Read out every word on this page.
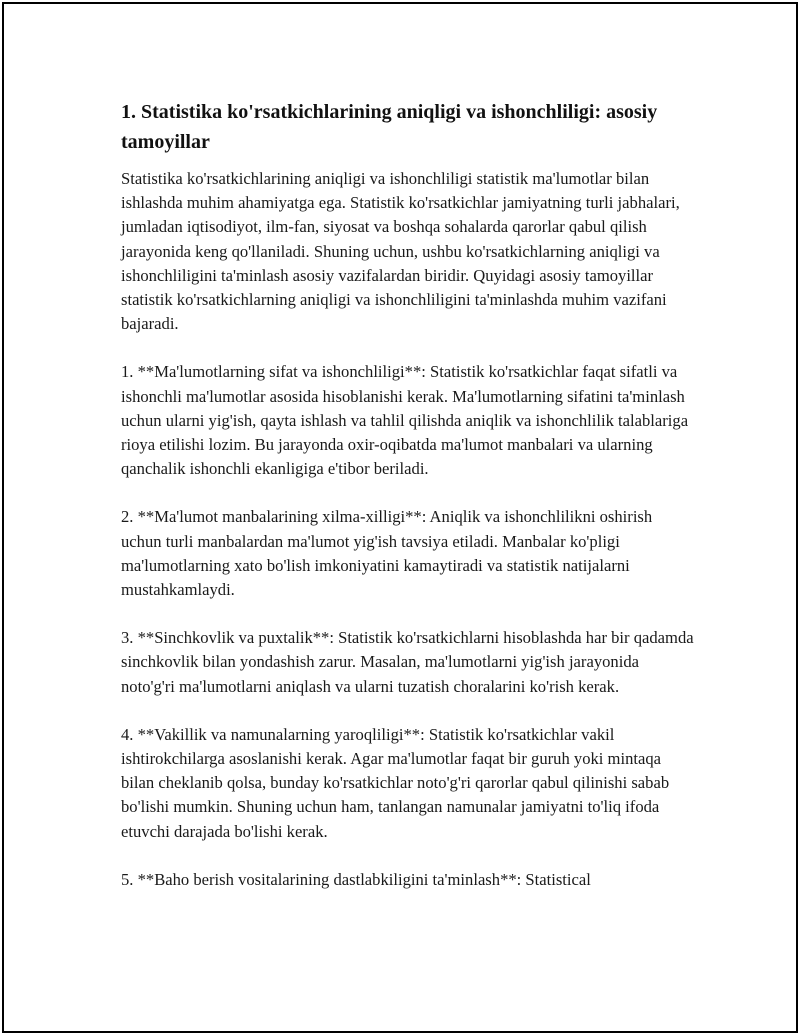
1. Statistika ko'rsatkichlarining aniqligi va ishonchliligi: asosiy tamoyillar

Statistika ko'rsatkichlarining aniqligi va ishonchliligi statistik ma'lumotlar bilan ishlashda muhim ahamiyatga ega. Statistik ko'rsatkichlar jamiyatning turli jabhalari, jumladan iqtisodiyot, ilm-fan, siyosat va boshqa sohalarda qarorlar qabul qilish jarayonida keng qo'llaniladi. Shuning uchun, ushbu ko'rsatkichlarning aniqligi va ishonchliligini ta'minlash asosiy vazifalardan biridir. Quyidagi asosiy tamoyillar statistik ko'rsatkichlarning aniqligi va ishonchliligini ta'minlashda muhim vazifani bajaradi.

1. **Ma'lumotlarning sifat va ishonchliligi**: Statistik ko'rsatkichlar faqat sifatli va ishonchli ma'lumotlar asosida hisoblanishi kerak. Ma'lumotlarning sifatini ta'minlash uchun ularni yig'ish, qayta ishlash va tahlil qilishda aniqlik va ishonchlilik talablariga rioya etilishi lozim. Bu jarayonda oxir-oqibatda ma'lumot manbalari va ularning qanchalik ishonchli ekanligiga e'tibor beriladi.

2. **Ma'lumot manbalarining xilma-xilligi**: Aniqlik va ishonchlilikni oshirish uchun turli manbalardan ma'lumot yig'ish tavsiya etiladi. Manbalar ko'pligi ma'lumotlarning xato bo'lish imkoniyatini kamaytiradi va statistik natijalarni mustahkamlaydi.

3. **Sinchkovlik va puxtalik**: Statistik ko'rsatkichlarni hisoblashda har bir qadamda sinchkovlik bilan yondashish zarur. Masalan, ma'lumotlarni yig'ish jarayonida noto'g'ri ma'lumotlarni aniqlash va ularni tuzatish choralarini ko'rish kerak.

4. **Vakillik va namunalarning yaroqliligi**: Statistik ko'rsatkichlar vakil ishtirokchilarga asoslanishi kerak. Agar ma'lumotlar faqat bir guruh yoki mintaqa bilan cheklanib qolsa, bunday ko'rsatkichlar noto'g'ri qarorlar qabul qilinishi sabab bo'lishi mumkin. Shuning uchun ham, tanlangan namunalar jamiyatni to'liq ifoda etuvchi darajada bo'lishi kerak.

5. **Baho berish vositalarining dastlabkiligini ta'minlash**: Statistical
